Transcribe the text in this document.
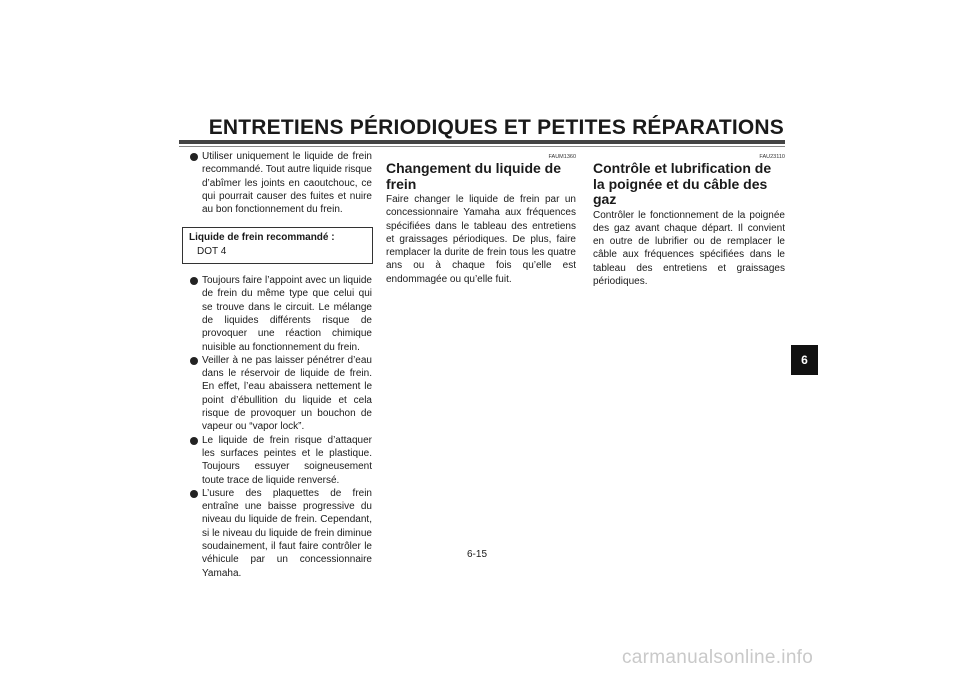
ENTRETIENS PÉRIODIQUES ET PETITES RÉPARATIONS

Utiliser uniquement le liquide de frein recommandé. Tout autre liquide risque d’abîmer les joints en caoutchouc, ce qui pourrait causer des fuites et nuire au bon fonctionnement du frein.

Liquide de frein recommandé :
DOT 4

Toujours faire l’appoint avec un liquide de frein du même type que celui qui se trouve dans le circuit. Le mélange de liquides différents risque de provoquer une réaction chimique nuisible au fonctionnement du frein.

Veiller à ne pas laisser pénétrer d’eau dans le réservoir de liquide de frein. En effet, l’eau abaissera nettement le point d’ébullition du liquide et cela risque de provoquer un bouchon de vapeur ou “vapor lock”.

Le liquide de frein risque d’attaquer les surfaces peintes et le plastique. Toujours essuyer soigneusement toute trace de liquide renversé.

L’usure des plaquettes de frein entraîne une baisse progressive du niveau du liquide de frein. Cependant, si le niveau du liquide de frein diminue soudainement, il faut faire contrôler le véhicule par un concessionnaire Yamaha.

FAUM1360
Changement du liquide de frein

Faire changer le liquide de frein par un concessionnaire Yamaha aux fréquences spécifiées dans le tableau des entretiens et graissages périodiques. De plus, faire remplacer la durite de frein tous les quatre ans ou à chaque fois qu’elle est endommagée ou qu’elle fuit.

FAU23110
Contrôle et lubrification de la poignée et du câble des gaz

Contrôler le fonctionnement de la poignée des gaz avant chaque départ. Il convient en outre de lubrifier ou de remplacer le câble aux fréquences spécifiées dans le tableau des entretiens et graissages périodiques.

6-15
6
carmanualsonline.info
